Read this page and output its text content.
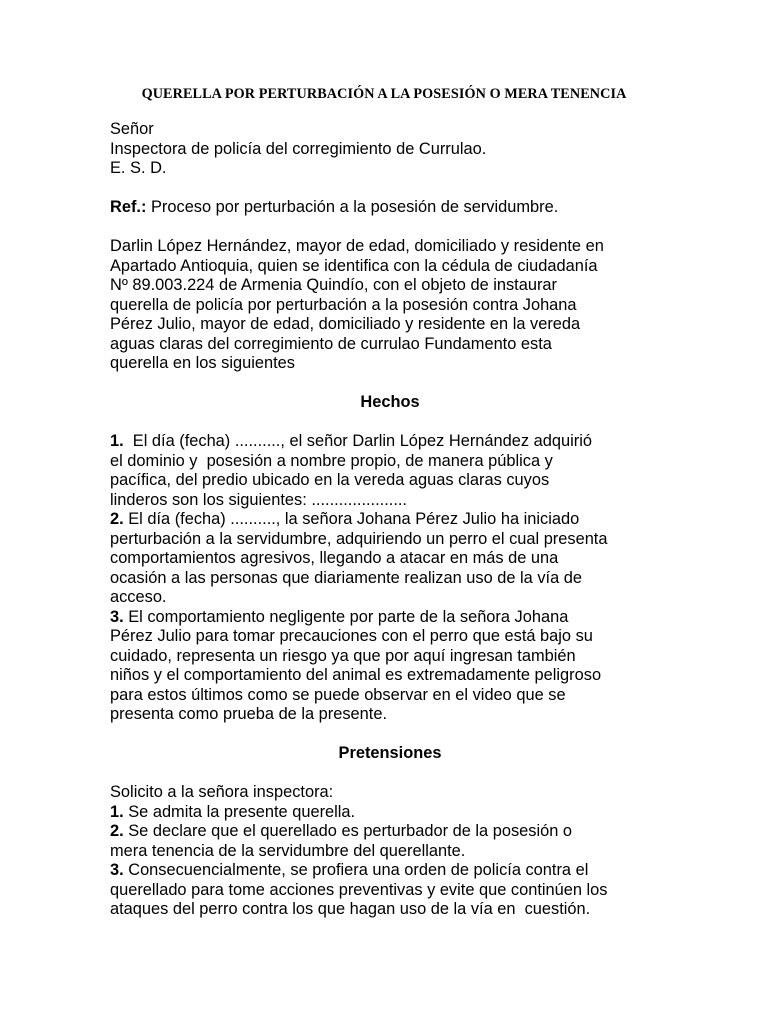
QUERELLA POR PERTURBACIÓN A LA POSESIÓN O MERA TENENCIA
Señor
Inspectora de policía del corregimiento de Currulao.
E. S. D.
Ref.: Proceso por perturbación a la posesión de servidumbre.
Darlin López Hernández, mayor de edad, domiciliado y residente en
Apartado Antioquia, quien se identifica con la cédula de ciudadanía
Nº 89.003.224 de Armenia Quindío, con el objeto de instaurar
querella de policía por perturbación a la posesión contra Johana
Pérez Julio, mayor de edad, domiciliado y residente en la vereda
aguas claras del corregimiento de currulao Fundamento esta
querella en los siguientes
Hechos
1.  El día (fecha) .........., el señor Darlin López Hernández adquirió
el dominio y  posesión a nombre propio, de manera pública y
pacífica, del predio ubicado en la vereda aguas claras cuyos
linderos son los siguientes: .....................
2. El día (fecha) .........., la señora Johana Pérez Julio ha iniciado
perturbación a la servidumbre, adquiriendo un perro el cual presenta
comportamientos agresivos, llegando a atacar en más de una
ocasión a las personas que diariamente realizan uso de la vía de
acceso.
3. El comportamiento negligente por parte de la señora Johana
Pérez Julio para tomar precauciones con el perro que está bajo su
cuidado, representa un riesgo ya que por aquí ingresan también
niños y el comportamiento del animal es extremadamente peligroso
para estos últimos como se puede observar en el video que se
presenta como prueba de la presente.
Pretensiones
Solicito a la señora inspectora:
1. Se admita la presente querella.
2. Se declare que el querellado es perturbador de la posesión o
mera tenencia de la servidumbre del querellante.
3. Consecuencialmente, se profiera una orden de policía contra el
querellado para tome acciones preventivas y evite que continúen los
ataques del perro contra los que hagan uso de la vía en  cuestión.
